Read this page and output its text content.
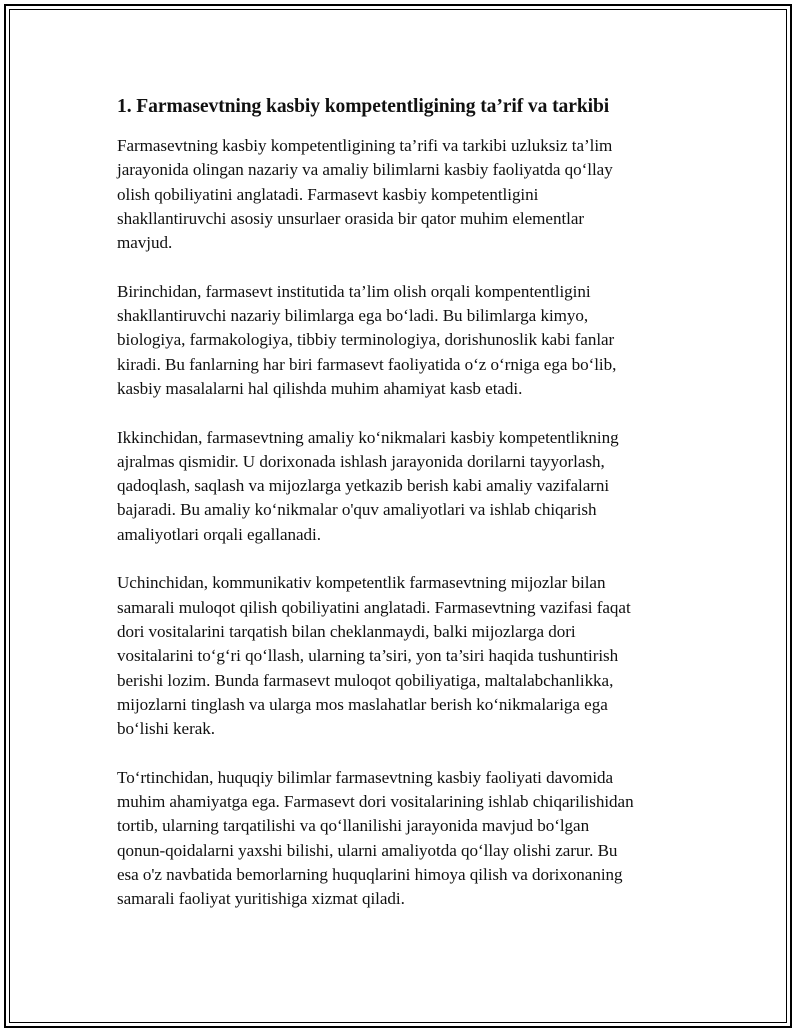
1. Farmasevtning kasbiy kompetentligining ta’rif va tarkibi

Farmasevtning kasbiy kompetentligining ta’rifi va tarkibi uzluksiz ta’lim
jarayonida olingan nazariy va amaliy bilimlarni kasbiy faoliyatda qo‘llay
olish qobiliyatini anglatadi. Farmasevt kasbiy kompetentligini
shakllantiruvchi asosiy unsurlaer orasida bir qator muhim elementlar
mavjud.

Birinchidan, farmasevt institutida ta’lim olish orqali kompententligini
shakllantiruvchi nazariy bilimlarga ega bo‘ladi. Bu bilimlarga kimyo,
biologiya, farmakologiya, tibbiy terminologiya, dorishunoslik kabi fanlar
kiradi. Bu fanlarning har biri farmasevt faoliyatida o‘z o‘rniga ega bo‘lib,
kasbiy masalalarni hal qilishda muhim ahamiyat kasb etadi.

Ikkinchidan, farmasevtning amaliy ko‘nikmalari kasbiy kompetentlikning
ajralmas qismidir. U dorixonada ishlash jarayonida dorilarni tayyorlash,
qadoqlash, saqlash va mijozlarga yetkazib berish kabi amaliy vazifalarni
bajaradi. Bu amaliy ko‘nikmalar o'quv amaliyotlari va ishlab chiqarish
amaliyotlari orqali egallanadi.

Uchinchidan, kommunikativ kompetentlik farmasevtning mijozlar bilan
samarali muloqot qilish qobiliyatini anglatadi. Farmasevtning vazifasi faqat
dori vositalarini tarqatish bilan cheklanmaydi, balki mijozlarga dori
vositalarini to‘g‘ri qo‘llash, ularning ta’siri, yon ta’siri haqida tushuntirish
berishi lozim. Bunda farmasevt muloqot qobiliyatiga, maltalabchanlikka,
mijozlarni tinglash va ularga mos maslahatlar berish ko‘nikmalariga ega
bo‘lishi kerak.

To‘rtinchidan, huquqiy bilimlar farmasevtning kasbiy faoliyati davomida
muhim ahamiyatga ega. Farmasevt dori vositalarining ishlab chiqarilishidan
tortib, ularning tarqatilishi va qo‘llanilishi jarayonida mavjud bo‘lgan
qonun-qoidalarni yaxshi bilishi, ularni amaliyotda qo‘llay olishi zarur. Bu
esa o'z navbatida bemorlarning huquqlarini himoya qilish va dorixonaning
samarali faoliyat yuritishiga xizmat qiladi.
